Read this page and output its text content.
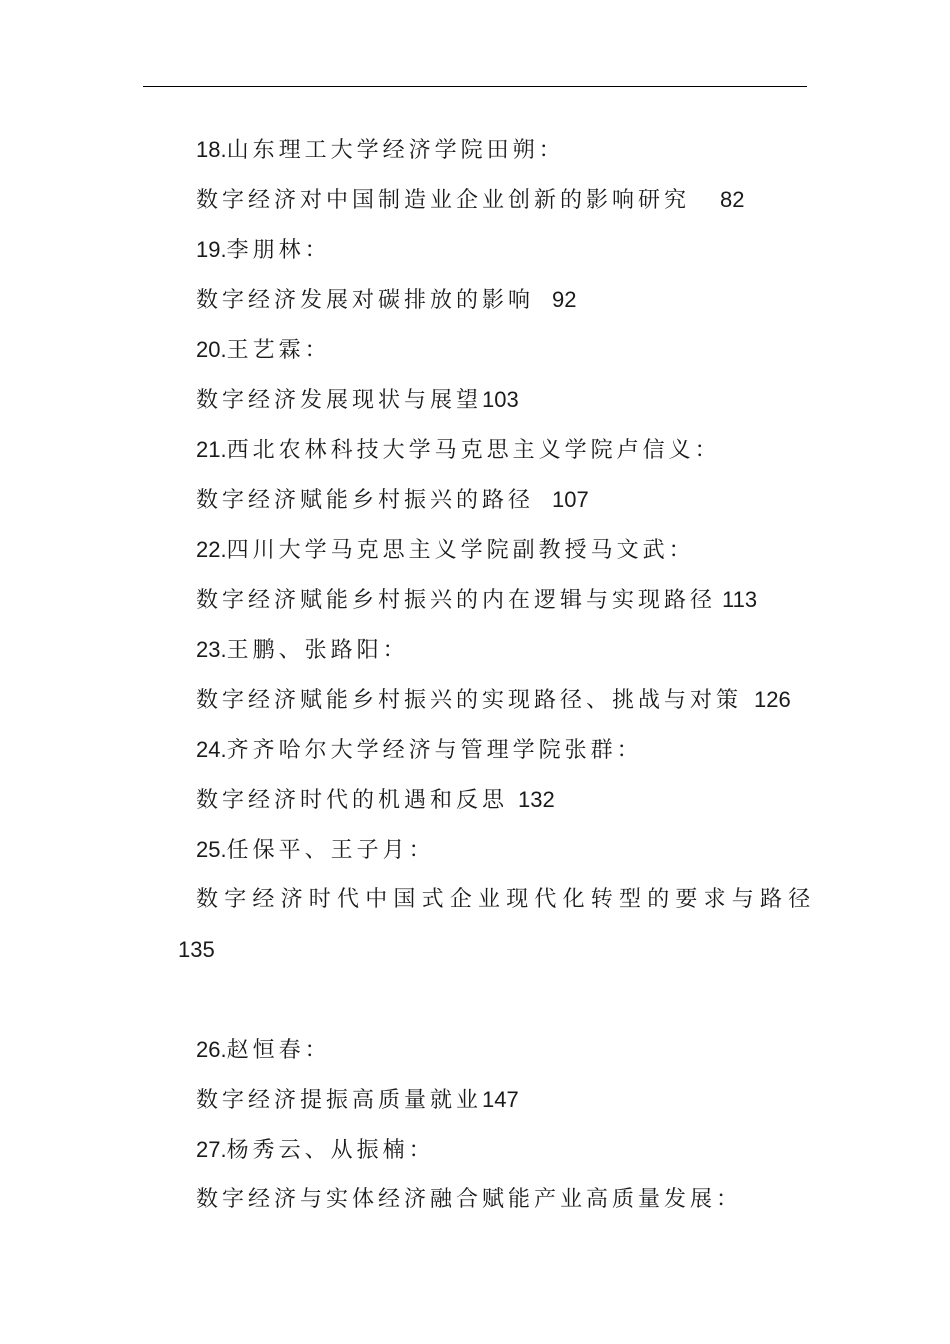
18.山东理工大学经济学院田朔：
数字经济对中国制造业企业创新的影响研究 82
19.李朋林：
数字经济发展对碳排放的影响 92
20.王艺霖：
数字经济发展现状与展望103
21.西北农林科技大学马克思主义学院卢信义：
数字经济赋能乡村振兴的路径 107
22.四川大学马克思主义学院副教授马文武：
数字经济赋能乡村振兴的内在逻辑与实现路径 113
23.王鹏、张路阳：
数字经济赋能乡村振兴的实现路径、挑战与对策 126
24.齐齐哈尔大学经济与管理学院张群：
数字经济时代的机遇和反思 132
25.任保平、王子月：
数字经济时代中国式企业现代化转型的要求与路径
135
26.赵恒春：
数字经济提振高质量就业147
27.杨秀云、从振楠：
数字经济与实体经济融合赋能产业高质量发展：
